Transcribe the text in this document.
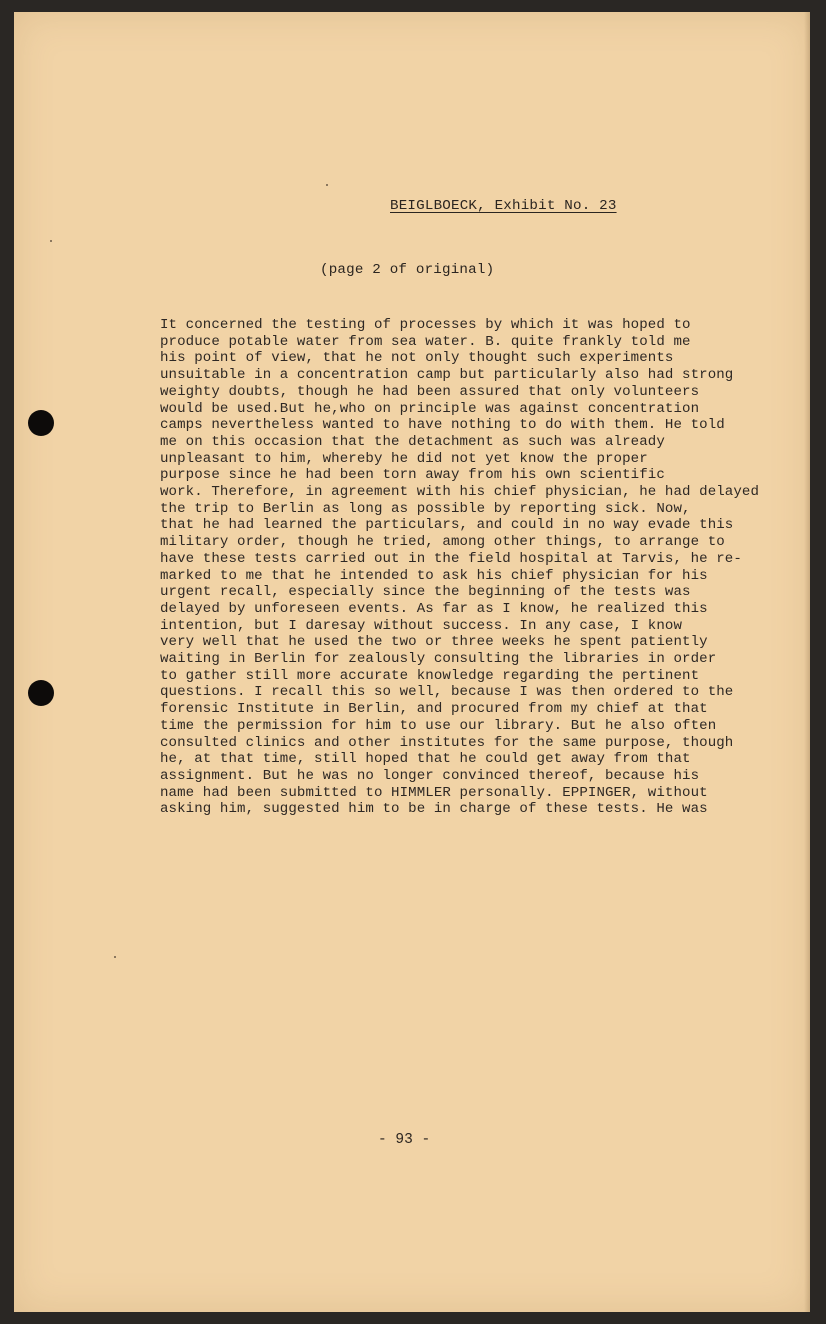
BEIGLBOECK, Exhibit No. 23
(page 2 of original)
It concerned the testing of processes by which it was hoped to
produce potable water from sea water. B. quite frankly told me
his point of view, that he not only thought such experiments
unsuitable in a concentration camp but particularly also had strong
weighty doubts, though he had been assured that only volunteers
would be used.But he,who on principle was against concentration
camps nevertheless wanted to have nothing to do with them. He told
me on this occasion that the detachment as such was already
unpleasant to him, whereby he did not yet know the proper
purpose since he had been torn away from his own scientific
work. Therefore, in agreement with his chief physician, he had delayed
the trip to Berlin as long as possible by reporting sick. Now,
that he had learned the particulars, and could in no way evade this
military order, though he tried, among other things, to arrange to
have these tests carried out in the field hospital at Tarvis, he re-
marked to me that he intended to ask his chief physician for his
urgent recall, especially since the beginning of the tests was
delayed by unforeseen events. As far as I know, he realized this
intention, but I daresay without success. In any case, I know
very well that he used the two or three weeks he spent patiently
waiting in Berlin for zealously consulting the libraries in order
to gather still more accurate knowledge regarding the pertinent
questions. I recall this so well, because I was then ordered to the
forensic Institute in Berlin, and procured from my chief at that
time the permission for him to use our library. But he also often
consulted clinics and other institutes for the same purpose, though
he, at that time, still hoped that he could get away from that
assignment. But he was no longer convinced thereof, because his
name had been submitted to HIMMLER personally. EPPINGER, without
asking him, suggested him to be in charge of these tests. He was
- 93 -
